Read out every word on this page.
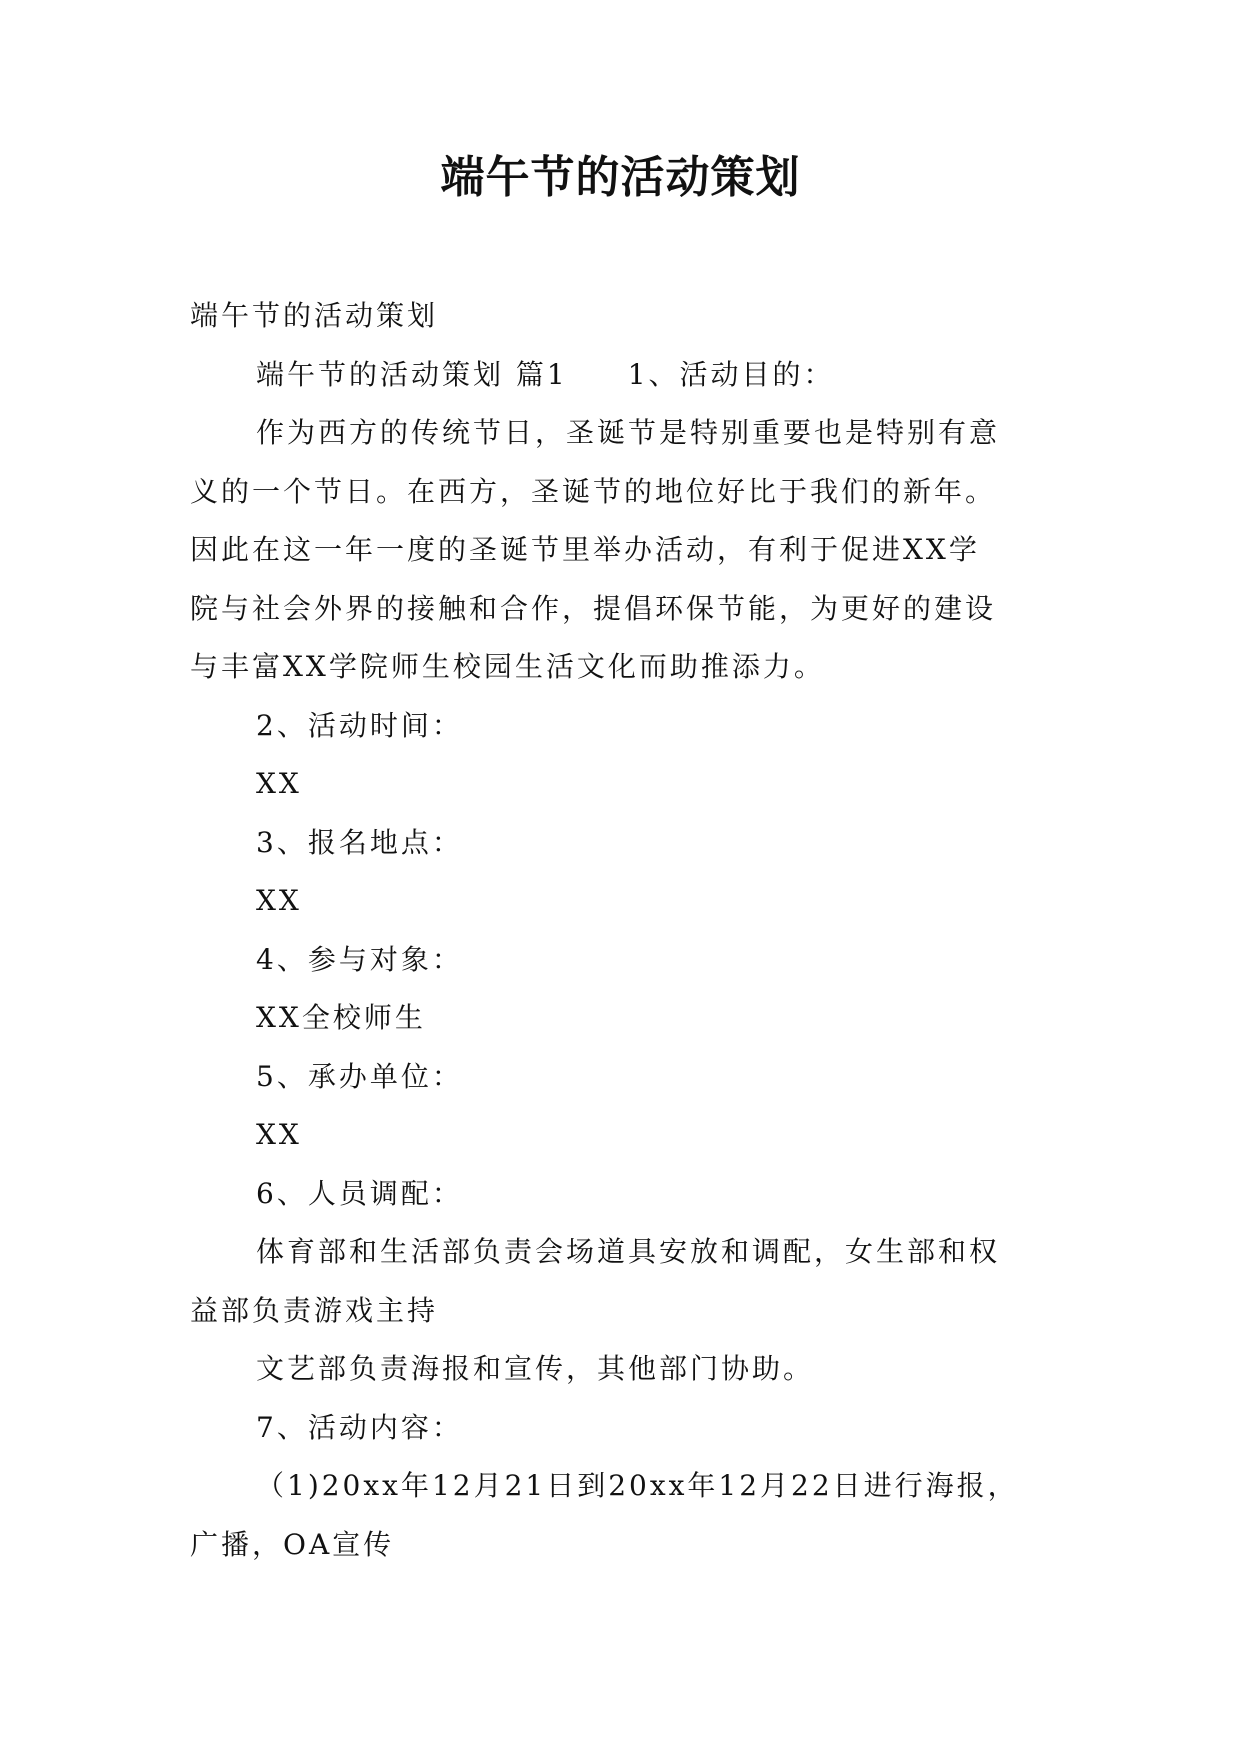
端午节的活动策划

端午节的活动策划

端午节的活动策划 篇1 1、活动目的：

作为西方的传统节日，圣诞节是特别重要也是特别有意

义的一个节日。在西方，圣诞节的地位好比于我们的新年。

因此在这一年一度的圣诞节里举办活动，有利于促进XX学

院与社会外界的接触和合作，提倡环保节能，为更好的建设

与丰富XX学院师生校园生活文化而助推添力。

2、活动时间：

XX

3、报名地点：

XX

4、参与对象：

XX全校师生

5、承办单位：

XX

6、人员调配：

体育部和生活部负责会场道具安放和调配，女生部和权

益部负责游戏主持

文艺部负责海报和宣传，其他部门协助。

7、活动内容：

（1)20xx年12月21日到20xx年12月22日进行海报，

广播，OA宣传
